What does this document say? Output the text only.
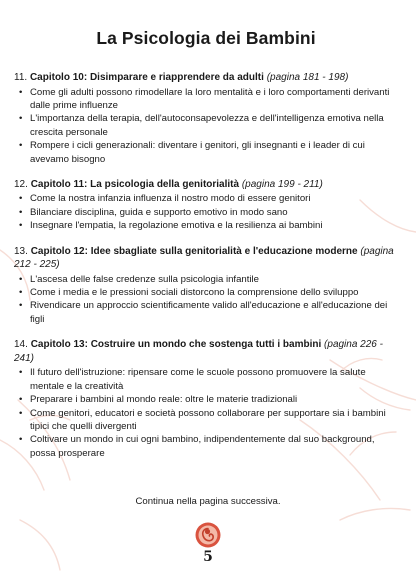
La Psicologia dei Bambini

11. Capitolo 10: Disimparare e riapprendere da adulti (pagina 181 - 198)

• Come gli adulti possono rimodellare la loro mentalità e i loro comportamenti derivanti dalle prime influenze
• L'importanza della terapia, dell'autoconsapevolezza e dell'intelligenza emotiva nella crescita personale
• Rompere i cicli generazionali: diventare i genitori, gli insegnanti e i leader di cui avevamo bisogno

12. Capitolo 11: La psicologia della genitorialità (pagina 199 - 211)

• Come la nostra infanzia influenza il nostro modo di essere genitori
• Bilanciare disciplina, guida e supporto emotivo in modo sano
• Insegnare l'empatia, la regolazione emotiva e la resilienza ai bambini

13. Capitolo 12: Idee sbagliate sulla genitorialità e l'educazione moderne (pagina 212 - 225)

• L'ascesa delle false credenze sulla psicologia infantile
• Come i media e le pressioni sociali distorcono la comprensione dello sviluppo
• Rivendicare un approccio scientificamente valido all'educazione e all'educazione dei figli

14. Capitolo 13: Costruire un mondo che sostenga tutti i bambini (pagina 226 - 241)

• Il futuro dell'istruzione: ripensare come le scuole possono promuovere la salute mentale e la creatività
• Preparare i bambini al mondo reale: oltre le materie tradizionali
• Come genitori, educatori e società possono collaborare per supportare sia i bambini tipici che quelli divergenti
• Coltivare un mondo in cui ogni bambino, indipendentemente dal suo background, possa prosperare
Continua nella pagina successiva.
5
